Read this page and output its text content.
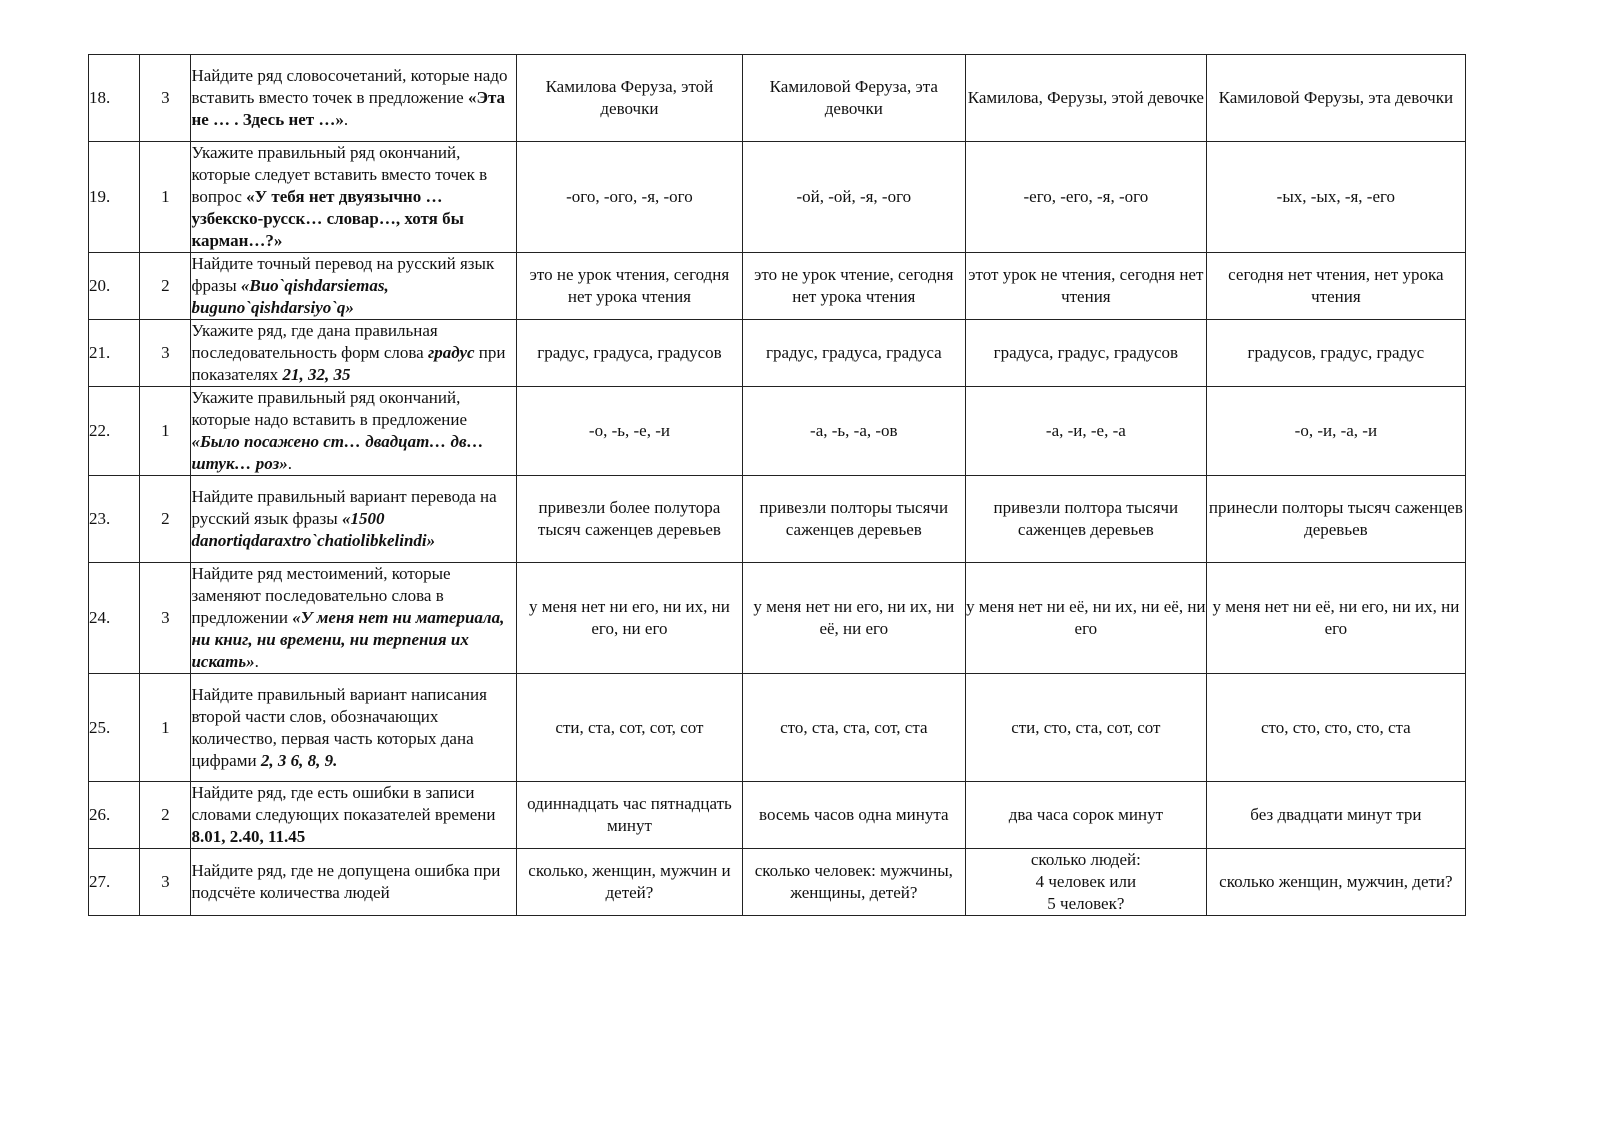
18.	3	Найдите ряд словосочетаний, которые надо вставить вместо точек в предложение «Эта не … . Здесь нет …».	Камилова Феруза, этой девочки	Камиловой Феруза, эта девочки	Камилова, Ферузы, этой девочке	Камиловой Ферузы, эта девочки
19.	1	Укажите правильный ряд окончаний, которые следует вставить вместо точек в вопрос «У тебя нет двуязычно … узбекско-русск… словар…, хотя бы карман…?»	-ого, -ого, -я, -ого	-ой, -ой, -я, -ого	-его, -его, -я, -ого	-ых, -ых, -я, -его
20.	2	Найдите точный перевод на русский язык фразы «Buo`qishdarsiemas, buguno`qishdarsiyo`q»	это не урок чтения, сегодня нет урока чтения	это не урок чтение, сегодня нет урока чтения	этот урок не чтения, сегодня нет чтения	сегодня нет чтения, нет урока чтения
21.	3	Укажите ряд, где дана правильная последовательность форм слова градус при показателях 21, 32, 35	градус, градуса, градусов	градус, градуса, градуса	градуса, градус, градусов	градусов, градус, градус
22.	1	Укажите правильный ряд окончаний, которые надо вставить в предложение «Было посажено ст… двадцат… дв… штук… роз».	-о, -ь, -е, -и	-а, -ь, -а, -ов	-а, -и, -е, -а	-о, -и, -а, -и
23.	2	Найдите правильный вариант перевода на русский язык фразы «1500 danortiqdaraxtro`chatiolibkelindi»	привезли более полутора тысяч саженцев деревьев	привезли полторы тысячи саженцев деревьев	привезли полтора тысячи саженцев деревьев	принесли полторы тысяч саженцев деревьев
24.	3	Найдите ряд местоимений, которые заменяют последовательно слова в предложении «У меня нет ни материала, ни книг, ни времени, ни терпения их искать».	у меня нет ни его, ни их, ни его, ни его	у меня нет ни его, ни их, ни её, ни его	у меня нет ни её, ни их, ни её, ни его	у меня нет ни её, ни его, ни их, ни его
25.	1	Найдите правильный вариант написания второй части слов, обозначающих количество, первая часть которых дана цифрами 2, 3 6, 8, 9.	сти, ста, сот, сот, сот	сто, ста, ста, сот, ста	сти, сто, ста, сот, сот	сто, сто, сто, сто, ста
26.	2	Найдите ряд, где есть ошибки в записи словами следующих показателей времени 8.01, 2.40, 11.45	одиннадцать час пятнадцать минут	восемь часов одна минута	два часа сорок минут	без двадцати минут три
27.	3	Найдите ряд, где не допущена ошибка при подсчёте количества людей	сколько, женщин, мужчин и детей?	сколько человек: мужчины, женщины, детей?	сколько людей:
4 человек или
5 человек?	сколько женщин, мужчин, дети?
